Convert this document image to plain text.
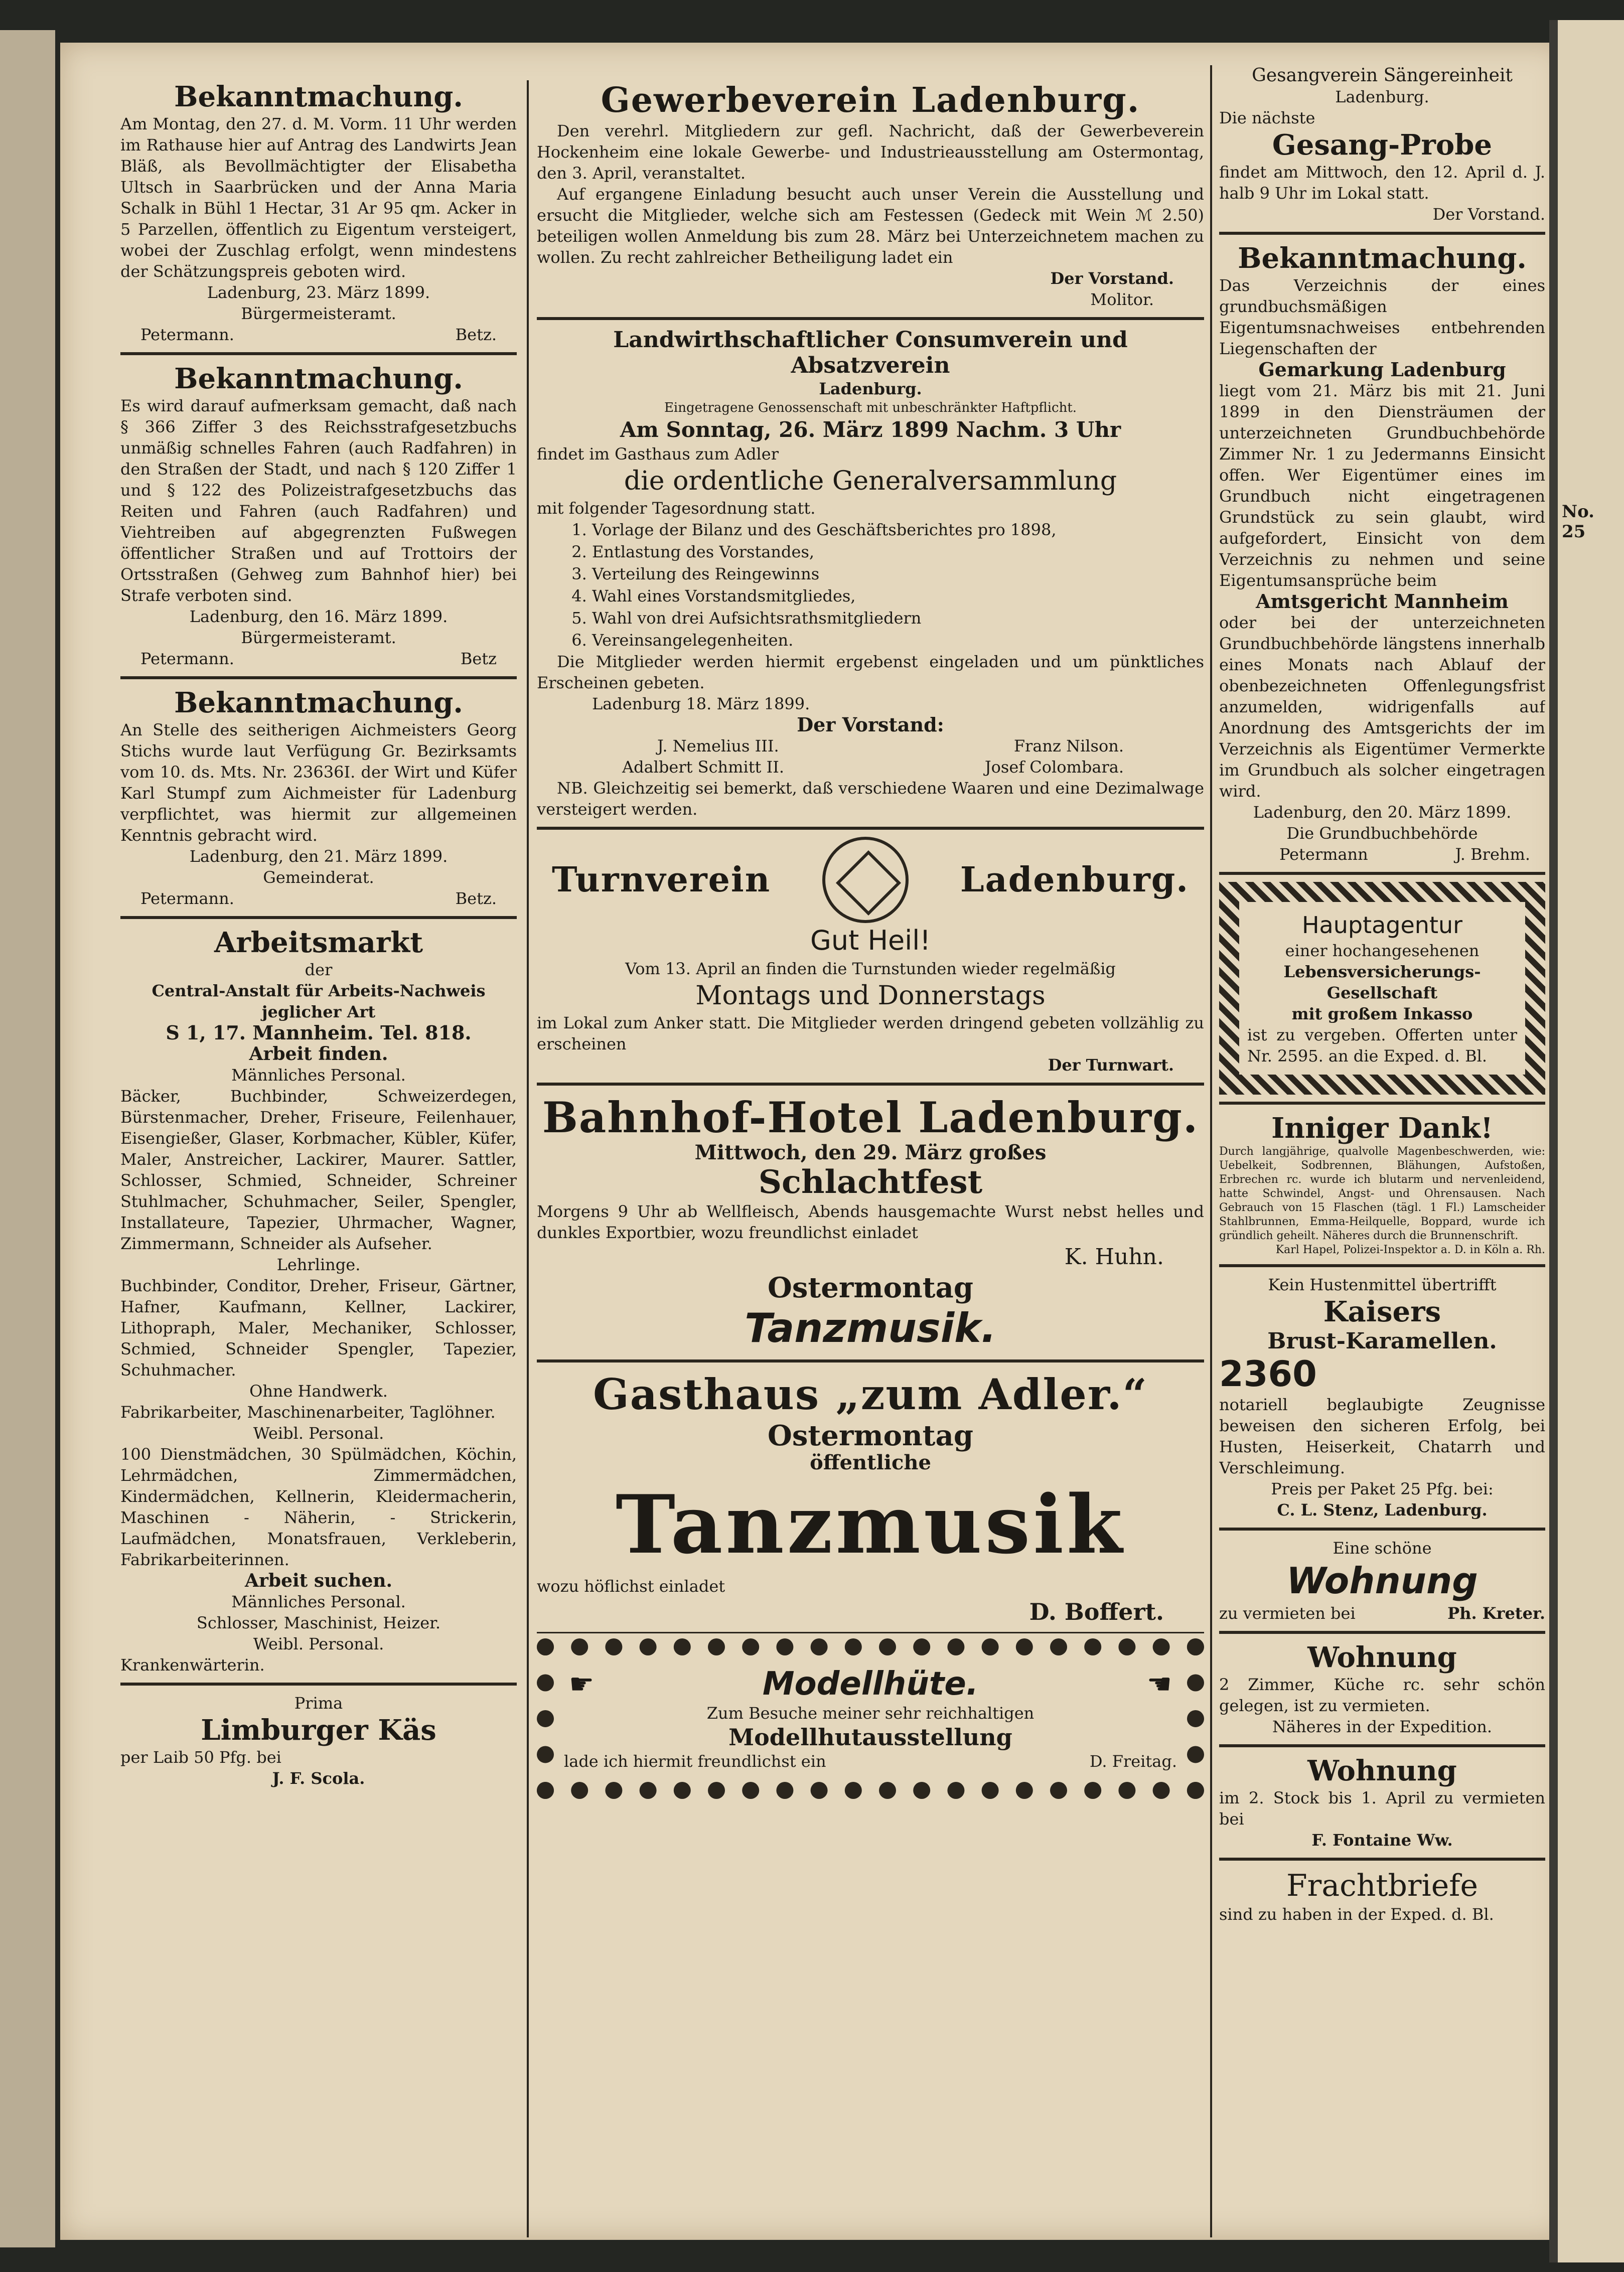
No. 25

Bekanntmachung.

Am Montag, den 27. d. M. Vorm. 11 Uhr werden im Rathause hier auf Antrag des Landwirts Jean Bläß, als Bevollmächtigter der Elisabetha Ultsch in Saarbrücken und der Anna Maria Schalk in Bühl 1 Hectar, 31 Ar 95 qm. Acker in 5 Parzellen, öffentlich zu Eigentum versteigert, wobei der Zuschlag erfolgt, wenn mindestens der Schätzungspreis geboten wird.

Ladenburg, 23. März 1899.

Bürgermeisteramt.

Petermann.	Betz.

Bekanntmachung.

Es wird darauf aufmerksam gemacht, daß nach § 366 Ziffer 3 des Reichsstrafgesetzbuchs unmäßig schnelles Fahren (auch Radfahren) in den Straßen der Stadt, und nach § 120 Ziffer 1 und § 122 des Polizeistrafgesetzbuchs das Reiten und Fahren (auch Radfahren) und Viehtreiben auf abgegrenzten Fußwegen öffentlicher Straßen und auf Trottoirs der Ortsstraßen (Gehweg zum Bahnhof hier) bei Strafe verboten sind.

Ladenburg, den 16. März 1899.

Bürgermeisteramt.

Petermann.	Betz

Bekanntmachung.

An Stelle des seitherigen Aichmeisters Georg Stichs wurde laut Verfügung Gr. Bezirksamts vom 10. ds. Mts. Nr. 23636I. der Wirt und Küfer Karl Stumpf zum Aichmeister für Ladenburg verpflichtet, was hiermit zur allgemeinen Kenntnis gebracht wird.

Ladenburg, den 21. März 1899.

Gemeinderat.

Petermann.	Betz.

Arbeitsmarkt

der

Central-Anstalt für Arbeits-Nachweis jeglicher Art

S 1, 17. Mannheim. Tel. 818.

Arbeit finden.

Männliches Personal.

Bäcker, Buchbinder, Schweizerdegen, Bürstenmacher, Dreher, Friseure, Feilenhauer, Eisengießer, Glaser, Korbmacher, Kübler, Küfer, Maler, Anstreicher, Lackirer, Maurer. Sattler, Schlosser, Schmied, Schneider, Schreiner Stuhlmacher, Schuhmacher, Seiler, Spengler, Installateure, Tapezier, Uhrmacher, Wagner, Zimmermann, Schneider als Aufseher.

Lehrlinge.

Buchbinder, Conditor, Dreher, Friseur, Gärtner, Hafner, Kaufmann, Kellner, Lackirer, Lithopraph, Maler, Mechaniker, Schlosser, Schmied, Schneider Spengler, Tapezier, Schuhmacher.

Ohne Handwerk.

Fabrikarbeiter, Maschinenarbeiter, Taglöhner.

Weibl. Personal.

100 Dienstmädchen, 30 Spülmädchen, Köchin, Lehrmädchen, Zimmermädchen, Kindermädchen, Kellnerin, Kleidermacherin, Maschinen - Näherin, - Strickerin, Laufmädchen, Monatsfrauen, Verkleberin, Fabrikarbeiterinnen.

Arbeit suchen.

Männliches Personal.

Schlosser, Maschinist, Heizer.

Weibl. Personal.

Krankenwärterin.

Prima

Limburger Käs

per Laib 50 Pfg. bei

J. F. Scola.

Gewerbeverein Ladenburg.

Den verehrl. Mitgliedern zur gefl. Nachricht, daß der Gewerbeverein Hockenheim eine lokale Gewerbe- und Industrieausstellung am Ostermontag, den 3. April, veranstaltet.

Auf ergangene Einladung besucht auch unser Verein die Ausstellung und ersucht die Mitglieder, welche sich am Festessen (Gedeck mit Wein ℳ 2.50) beteiligen wollen Anmeldung bis zum 28. März bei Unterzeichnetem machen zu wollen. Zu recht zahlreicher Betheiligung ladet ein

Der Vorstand.

Molitor.

Landwirthschaftlicher Consumverein und Absatzverein

Ladenburg.

Eingetragene Genossenschaft mit unbeschränkter Haftpflicht.

Am Sonntag, 26. März 1899 Nachm. 3 Uhr

findet im Gasthaus zum Adler

die ordentliche Generalversammlung

mit folgender Tagesordnung statt.

1. Vorlage der Bilanz und des Geschäftsberichtes pro 1898,
2. Entlastung des Vorstandes,
3. Verteilung des Reingewinns
4. Wahl eines Vorstandsmitgliedes,
5. Wahl von drei Aufsichtsrathsmitgliedern
6. Vereinsangelegenheiten.

Die Mitglieder werden hiermit ergebenst eingeladen und um pünktliches Erscheinen gebeten.

Ladenburg 18. März 1899.

Der Vorstand:

J. Nemelius III.	Franz Nilson.
Adalbert Schmitt II.	Josef Colombara.

NB. Gleichzeitig sei bemerkt, daß verschiedene Waaren und eine Dezimalwage versteigert werden.

Turnverein	Ladenburg.

Gut Heil!

Vom 13. April an finden die Turnstunden wieder regelmäßig

Montags und Donnerstags

im Lokal zum Anker statt. Die Mitglieder werden dringend gebeten vollzählig zu erscheinen

Der Turnwart.

Bahnhof-Hotel Ladenburg.

Mittwoch, den 29. März großes

Schlachtfest

Morgens 9 Uhr ab Wellfleisch, Abends hausgemachte Wurst nebst helles und dunkles Exportbier, wozu freundlichst einladet

K. Huhn.

Ostermontag

Tanzmusik.

Gasthaus „zum Adler.“

Ostermontag

öffentliche

Tanzmusik

wozu höflichst einladet

D. Boffert.

☛	Modellhüte.	☚

Zum Besuche meiner sehr reichhaltigen

Modellhutausstellung

lade ich hiermit freundlichst ein	D. Freitag.

Gesangverein Sängereinheit

Ladenburg.

Die nächste

Gesang-Probe

findet am Mittwoch, den 12. April d. J. halb 9 Uhr im Lokal statt.

Der Vorstand.

Bekanntmachung.

Das Verzeichnis der eines grundbuchsmäßigen Eigentumsnachweises entbehrenden Liegenschaften der

Gemarkung Ladenburg

liegt vom 21. März bis mit 21. Juni 1899 in den Diensträumen der unterzeichneten Grundbuchbehörde Zimmer Nr. 1 zu Jedermanns Einsicht offen. Wer Eigentümer eines im Grundbuch nicht eingetragenen Grundstück zu sein glaubt, wird aufgefordert, Einsicht von dem Verzeichnis zu nehmen und seine Eigentumsansprüche beim

Amtsgericht Mannheim

oder bei der unterzeichneten Grundbuchbehörde längstens innerhalb eines Monats nach Ablauf der obenbezeichneten Offenlegungsfrist anzumelden, widrigenfalls auf Anordnung des Amtsgerichts der im Verzeichnis als Eigentümer Vermerkte im Grundbuch als solcher eingetragen wird.

Ladenburg, den 20. März 1899.

Die Grundbuchbehörde

Petermann	J. Brehm.

Hauptagentur

einer hochangesehenen

Lebensversicherungs-Gesellschaft

mit großem Inkasso

ist zu vergeben. Offerten unter Nr. 2595. an die Exped. d. Bl.

Inniger Dank!

Durch langjährige, qualvolle Magenbeschwerden, wie: Uebelkeit, Sodbrennen, Blähungen, Aufstoßen, Erbrechen rc. wurde ich blutarm und nervenleidend, hatte Schwindel, Angst- und Ohrensausen. Nach Gebrauch von 15 Flaschen (tägl. 1 Fl.) Lamscheider Stahlbrunnen, Emma-Heilquelle, Boppard, wurde ich gründlich geheilt. Näheres durch die Brunnenschrift.

Karl Hapel, Polizei-Inspektor a. D. in Köln a. Rh.

Kein Hustenmittel übertrifft

Kaisers

Brust-Karamellen.

2360

notariell beglaubigte Zeugnisse beweisen den sicheren Erfolg, bei Husten, Heiserkeit, Chatarrh und Verschleimung.

Preis per Paket 25 Pfg. bei:

C. L. Stenz, Ladenburg.

Eine schöne

Wohnung

zu vermieten bei	Ph. Kreter.

Wohnung

2 Zimmer, Küche rc. sehr schön gelegen, ist zu vermieten.

Näheres in der Expedition.

Wohnung

im 2. Stock bis 1. April zu vermieten bei

F. Fontaine Ww.

Frachtbriefe

sind zu haben in der Exped. d. Bl.
